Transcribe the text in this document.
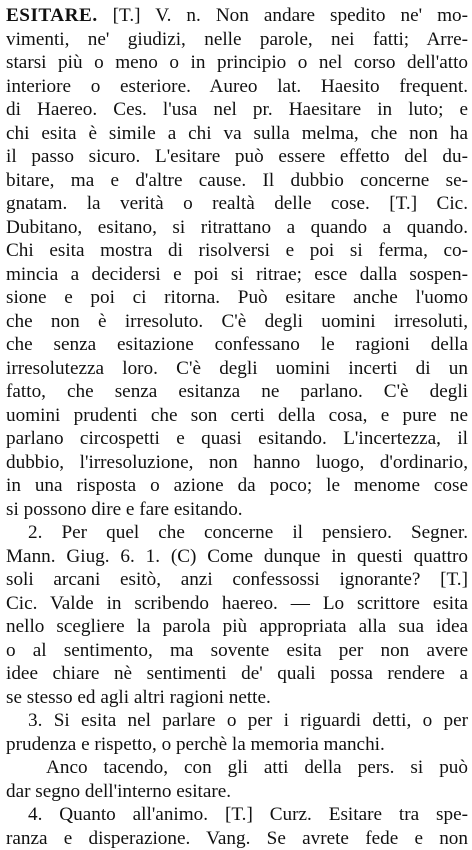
ESITARE. [T.] V. n. Non andare spedito ne' mo-
vimenti, ne' giudizi, nelle parole, nei fatti; Arre-
starsi più o meno o in principio o nel corso dell'atto
interiore o esteriore. Aureo lat. Haesito frequent.
di Haereo. Ces. l'usa nel pr. Haesitare in luto; e
chi esita è simile a chi va sulla melma, che non ha
il passo sicuro. L'esitare può essere effetto del du-
bitare, ma e d'altre cause. Il dubbio concerne se-
gnatam. la verità o realtà delle cose. [T.] Cic.
Dubitano, esitano, si ritrattano a quando a quando.
Chi esita mostra di risolversi e poi si ferma, co-
mincia a decidersi e poi si ritrae; esce dalla sospen-
sione e poi ci ritorna. Può esitare anche l'uomo
che non è irresoluto. C'è degli uomini irresoluti,
che senza esitazione confessano le ragioni della
irresolutezza loro. C'è degli uomini incerti di un
fatto, che senza esitanza ne parlano. C'è degli
uomini prudenti che son certi della cosa, e pure ne
parlano circospetti e quasi esitando. L'incertezza, il
dubbio, l'irresoluzione, non hanno luogo, d'ordinario,
in una risposta o azione da poco; le menome cose
si possono dire e fare esitando.
2. Per quel che concerne il pensiero. Segner.
Mann. Giug. 6. 1. (C) Come dunque in questi quattro
soli arcani esitò, anzi confessossi ignorante? [T.]
Cic. Valde in scribendo haereo. — Lo scrittore esita
nello scegliere la parola più appropriata alla sua idea
o al sentimento, ma sovente esita per non avere
idee chiare nè sentimenti de' quali possa rendere a
se stesso ed agli altri ragioni nette.
3. Si esita nel parlare o per i riguardi detti, o per
prudenza e rispetto, o perchè la memoria manchi.
Anco tacendo, con gli atti della pers. si può
dar segno dell'interno esitare.
4. Quanto all'animo. [T.] Curz. Esitare tra spe-
ranza e disperazione. Vang. Se avrete fede e non
